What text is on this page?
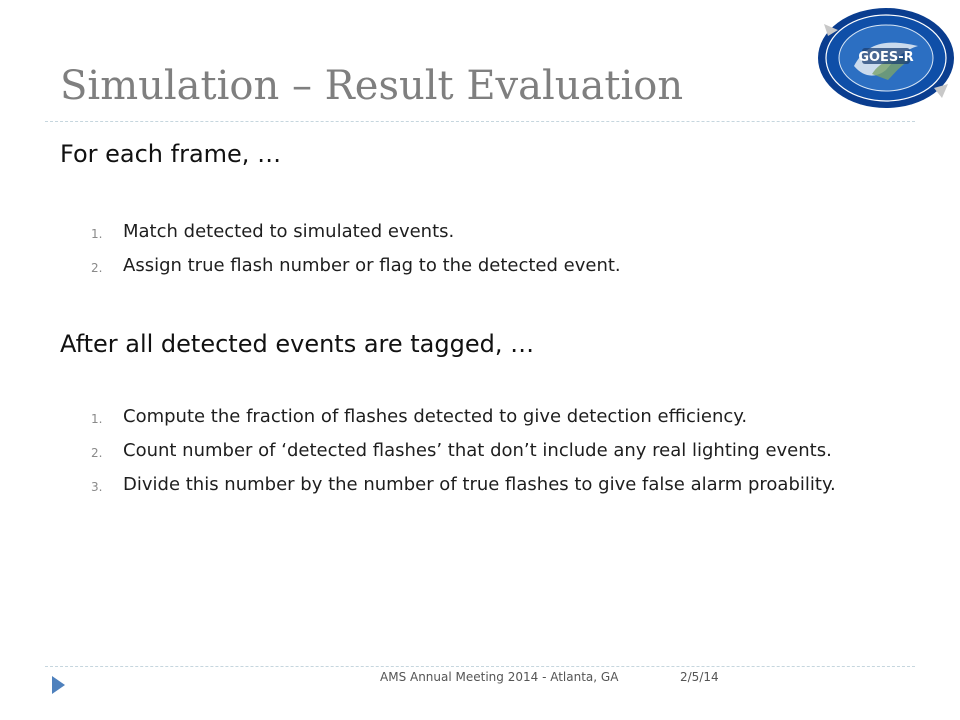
Simulation – Result Evaluation
GOES-R
For each frame, …
1.	Match detected to simulated events.
2.	Assign true flash number or flag to the detected event.
After all detected events are tagged, …
1.	Compute the fraction of flashes detected to give detection efficiency.
2.	Count number of ‘detected flashes’ that don’t include any real lighting events.
3.	Divide this number by the number of true flashes to give false alarm proability.
AMS Annual Meeting 2014 - Atlanta, GA	2/5/14
